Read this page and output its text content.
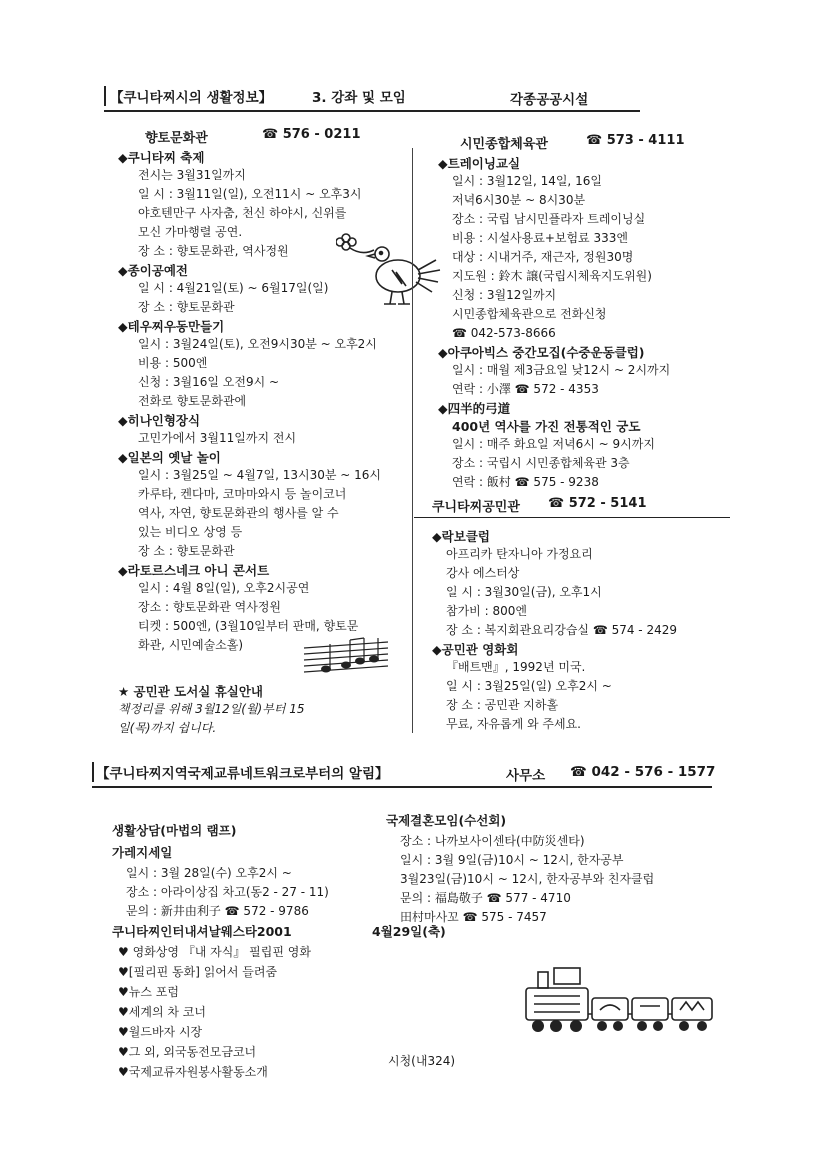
【쿠니타찌시의 생활정보】	3. 강좌 및 모임	각종공공시설
향토문화관	☎ 576 - 0211
◆쿠니타찌 축제
전시는 3월31일까지
일 시 : 3월11일(일), 오전11시 ~ 오후3시
야호텐만구 사자춤, 천신 하야시, 신위를
모신 가마행렬 공연.
장 소 : 향토문화관, 역사정원
◆종이공예전
일 시 : 4월21일(토) ~ 6월17일(일)
장 소 : 향토문화관
◆테우찌우동만들기
일시 : 3월24일(토), 오전9시30분 ~ 오후2시
비용 : 500엔
신청 : 3월16일 오전9시 ~
전화로 향토문화관에
◆히나인형장식
고민가에서 3월11일까지 전시
◆일본의 옛날 놀이
일시 : 3월25일 ~ 4월7일, 13시30분 ~ 16시
카루타, 켄다마, 코마마와시 등 놀이코너
역사, 자연, 향토문화관의 행사를 알 수
있는 비디오 상영 등
장 소 : 향토문화관
◆라토르스네크 아니 콘서트
일시 : 4월 8일(일), 오후2시공연
장소 : 향토문화관 역사정원
티켓 : 500엔, (3월10일부터 판매, 향토문
화관, 시민예술소홀)
★ 공민관 도서실 휴실안내
책정리를 위해 3월12일(월)부터 15
일(목)까지 쉽니다.
시민종합체육관	☎ 573 - 4111
◆트레이닝교실
일시 : 3월12일, 14일, 16일
저녁6시30분 ~ 8시30분
장소 : 국립 남시민플라자 트레이닝실
비용 : 시설사용료+보험료 333엔
대상 : 시내거주, 재근자, 정원30명
지도원 : 鈴木 譲(국립시체육지도위원)
신청 : 3월12일까지
시민종합체육관으로 전화신청
☎ 042-573-8666
◆아쿠아빅스 중간모집(수중운동클럽)
일시 : 매월 제3금요일 낮12시 ~ 2시까지
연락 : 小澤 ☎ 572 - 4353
◆四半的弓道
400년 역사를 가진 전통적인 궁도
일시 : 매주 화요일 저녁6시 ~ 9시까지
장소 : 국립시 시민종합체육관 3층
연락 : 飯村 ☎ 575 - 9238
쿠니타찌공민관 ☎ 572 - 5141
◆락보클럽
아프리카 탄자니아 가정요리
강사 에스터상
일 시 : 3월30일(금), 오후1시
참가비 : 800엔
장 소 : 복지회관요리강습실 ☎ 574 - 2429
◆공민관 영화회
『배트맨』, 1992년 미국.
일 시 : 3월25일(일) 오후2시 ~
장 소 : 공민관 지하홀
무료, 자유롭게 와 주세요.
【쿠니타찌지역국제교류네트워크로부터의 알림】	사무소 ☎ 042 - 576 - 1577
생활상담(마법의 램프)
가레지세일
일시 : 3월 28일(수) 오후2시 ~
장소 : 아라이상집 차고(동2 - 27 - 11)
문의 : 新井由利子 ☎ 572 - 9786
쿠니타찌인터내셔날웨스타2001	4월29일(축)
♥ 영화상영 『내 자식』 필립핀 영화
♥[필리핀 동화] 읽어서 들려줌
♥뉴스 포럼
♥세계의 차 코너
♥월드바자 시장
♥그 외, 외국동전모금코너
♥국제교류자원봉사활동소개
국제결혼모임(수선회)
장소 : 나까보사이센타(中防災센타)
일시 : 3월 9일(금)10시 ~ 12시, 한자공부
3월23일(금)10시 ~ 12시, 한자공부와 친자클럽
문의 : 福島敬子 ☎ 577 - 4710
田村마사꼬 ☎ 575 - 7457
시청(내324)
